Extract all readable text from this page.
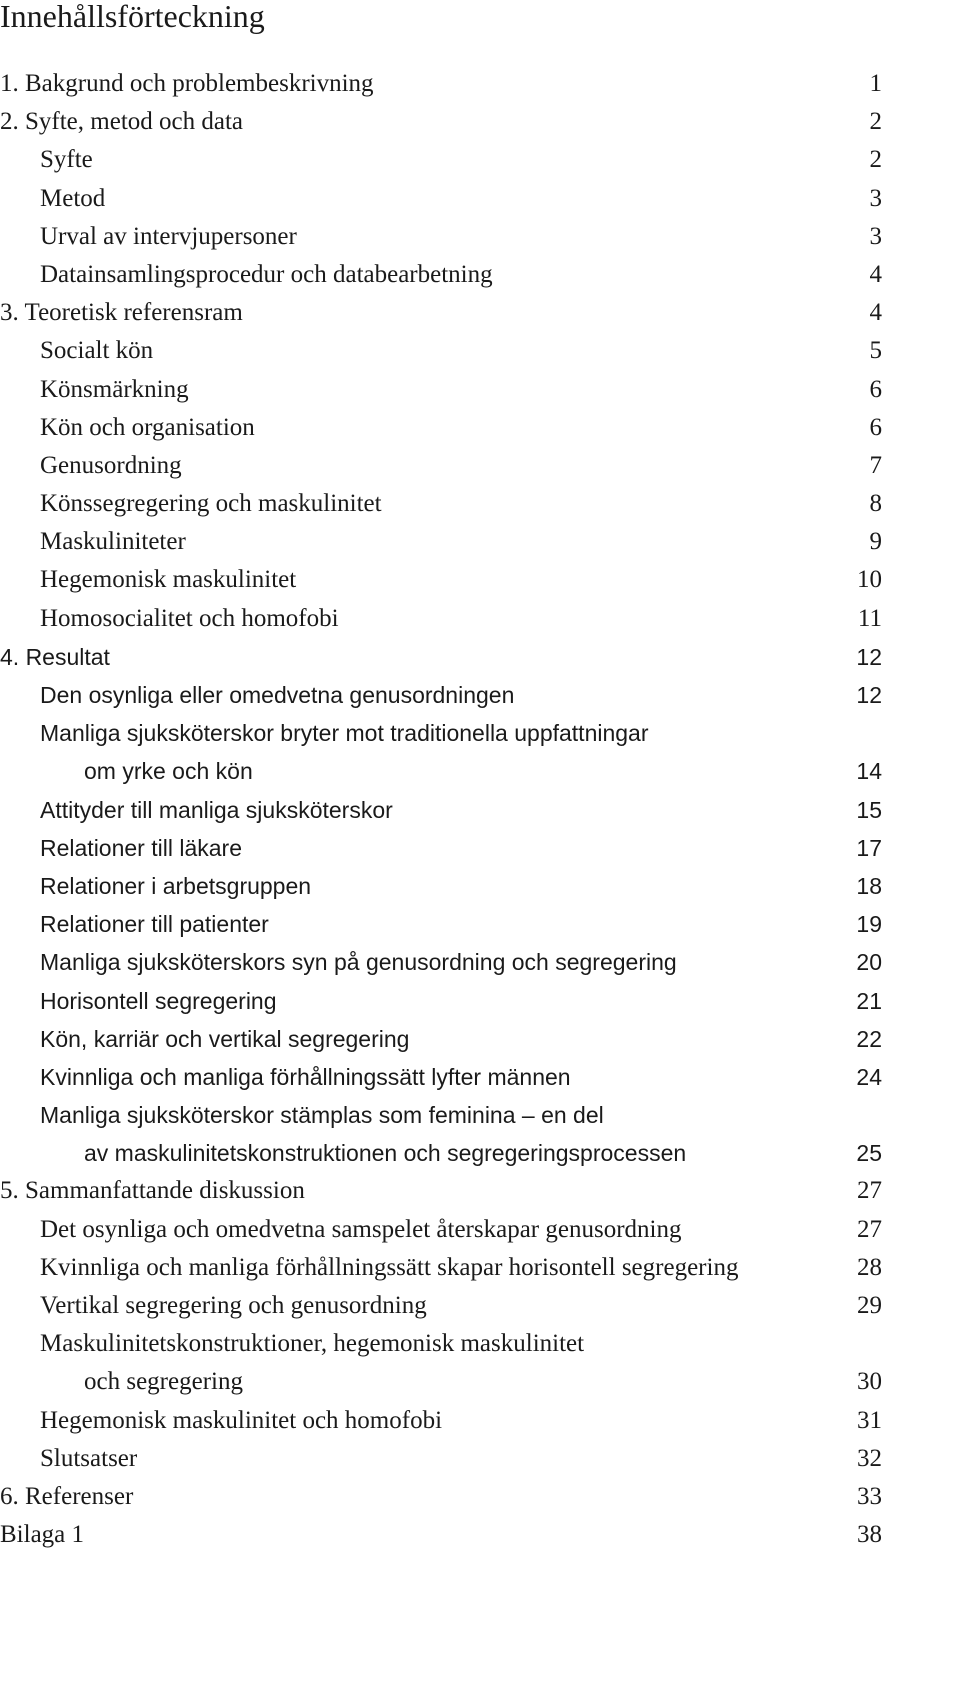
Innehållsförteckning
1. Bakgrund och problembeskrivning	1
2. Syfte, metod och data	2
Syfte	2
Metod	3
Urval av intervjupersoner	3
Datainsamlingsprocedur och databearbetning	4
3. Teoretisk referensram	4
Socialt kön	5
Könsmärkning	6
Kön och organisation	6
Genusordning	7
Könssegregering och maskulinitet	8
Maskuliniteter	9
Hegemonisk maskulinitet	10
Homosocialitet och homofobi	11
4. Resultat	12
Den osynliga eller omedvetna genusordningen	12
Manliga sjuksköterskor bryter mot traditionella uppfattningar
om yrke och kön	14
Attityder till manliga sjuksköterskor	15
Relationer till läkare	17
Relationer i arbetsgruppen	18
Relationer till patienter	19
Manliga sjuksköterskors syn på genusordning och segregering	20
Horisontell segregering	21
Kön, karriär och vertikal segregering	22
Kvinnliga och manliga förhållningssätt lyfter männen	24
Manliga sjuksköterskor stämplas som feminina – en del
av maskulinitetskonstruktionen och segregeringsprocessen	25
5. Sammanfattande diskussion	27
Det osynliga och omedvetna samspelet återskapar genusordning	27
Kvinnliga och manliga förhållningssätt skapar horisontell segregering	28
Vertikal segregering och genusordning	29
Maskulinitetskonstruktioner, hegemonisk maskulinitet
och segregering	30
Hegemonisk maskulinitet och homofobi	31
Slutsatser	32
6. Referenser	33
Bilaga 1	38
